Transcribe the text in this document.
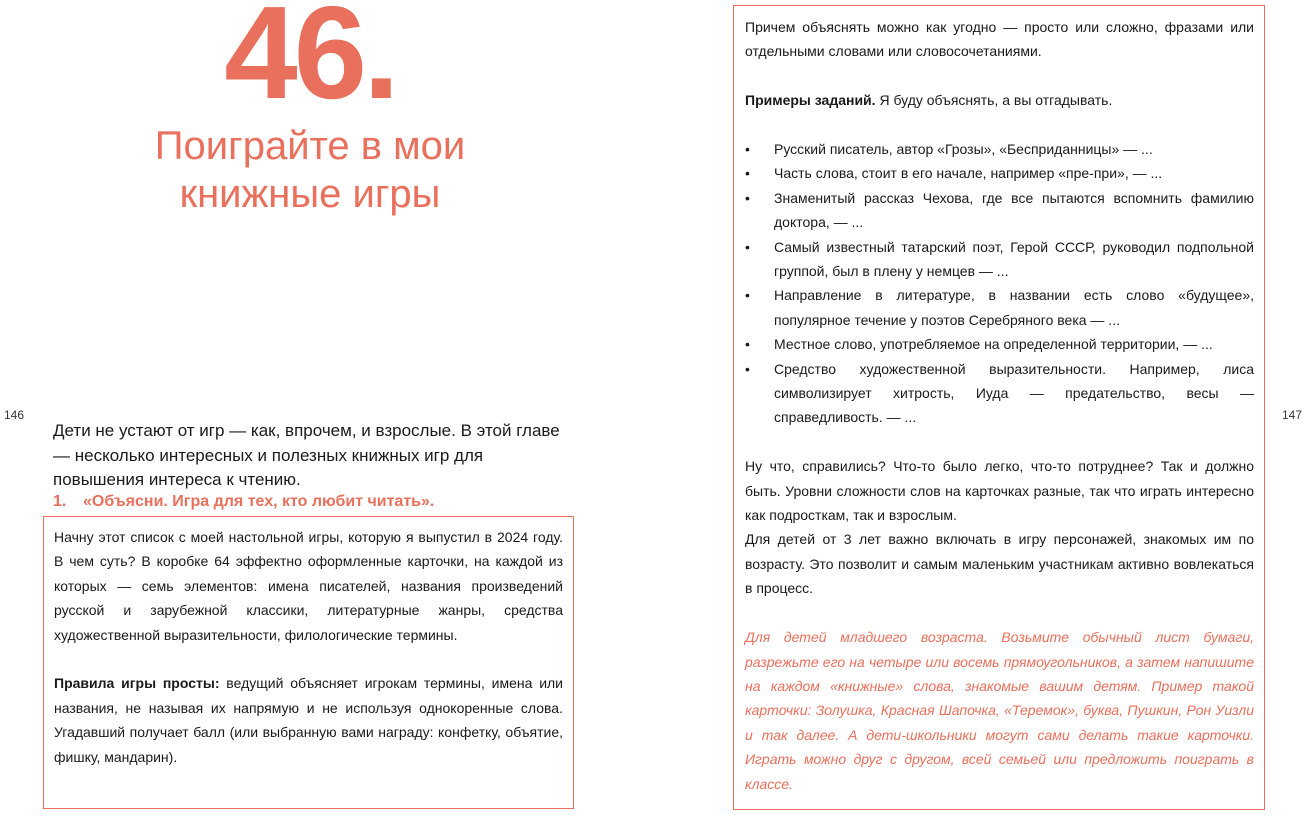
46.
Поиграйте в мои
книжные игры
146

Дети не устают от игр — как, впрочем, и взрослые. В этой главе — несколько интересных и полезных книжных игр для повышения интереса к чтению.

1. «Объясни. Игра для тех, кто любит читать».

Начну этот список с моей настольной игры, которую я выпустил в 2024 году. В чем суть? В коробке 64 эффектно оформленные карточки, на каждой из которых — семь элементов: имена писателей, названия произведений русской и зарубежной классики, литературные жанры, средства художественной выразительности, филологические термины.

Правила игры просты: ведущий объясняет игрокам термины, имена или названия, не называя их напрямую и не используя однокоренные слова. Угадавший получает балл (или выбранную вами награду: конфетку, объятие, фишку, мандарин).

147

Причем объяснять можно как угодно — просто или сложно, фразами или отдельными словами или словосочетаниями.

Примеры заданий. Я буду объяснять, а вы отгадывать.

• Русский писатель, автор «Грозы», «Бесприданницы» — ...
• Часть слова, стоит в его начале, например «пре-при», — ...
• Знаменитый рассказ Чехова, где все пытаются вспомнить фамилию доктора, — ...
• Самый известный татарский поэт, Герой СССР, руководил подпольной группой, был в плену у немцев — ...
• Направление в литературе, в названии есть слово «будущее», популярное течение у поэтов Серебряного века — ...
• Местное слово, употребляемое на определенной территории, — ...
• Средство художественной выразительности. Например, лиса символизирует хитрость, Иуда — предательство, весы — справедливость. — ...

Ну что, справились? Что-то было легко, что-то потруднее? Так и должно быть. Уровни сложности слов на карточках разные, так что играть интересно как подросткам, так и взрослым.

Для детей от 3 лет важно включать в игру персонажей, знакомых им по возрасту. Это позволит и самым маленьким участникам активно вовлекаться в процесс.

Для детей младшего возраста. Возьмите обычный лист бумаги, разрежьте его на четыре или восемь прямоугольников, а затем напишите на каждом «книжные» слова, знакомые вашим детям. Пример такой карточки: Золушка, Красная Шапочка, «Теремок», буква, Пушкин, Рон Уизли и так далее. А дети-школьники могут сами делать такие карточки. Играть можно друг с другом, всей семьей или предложить поиграть в классе.
